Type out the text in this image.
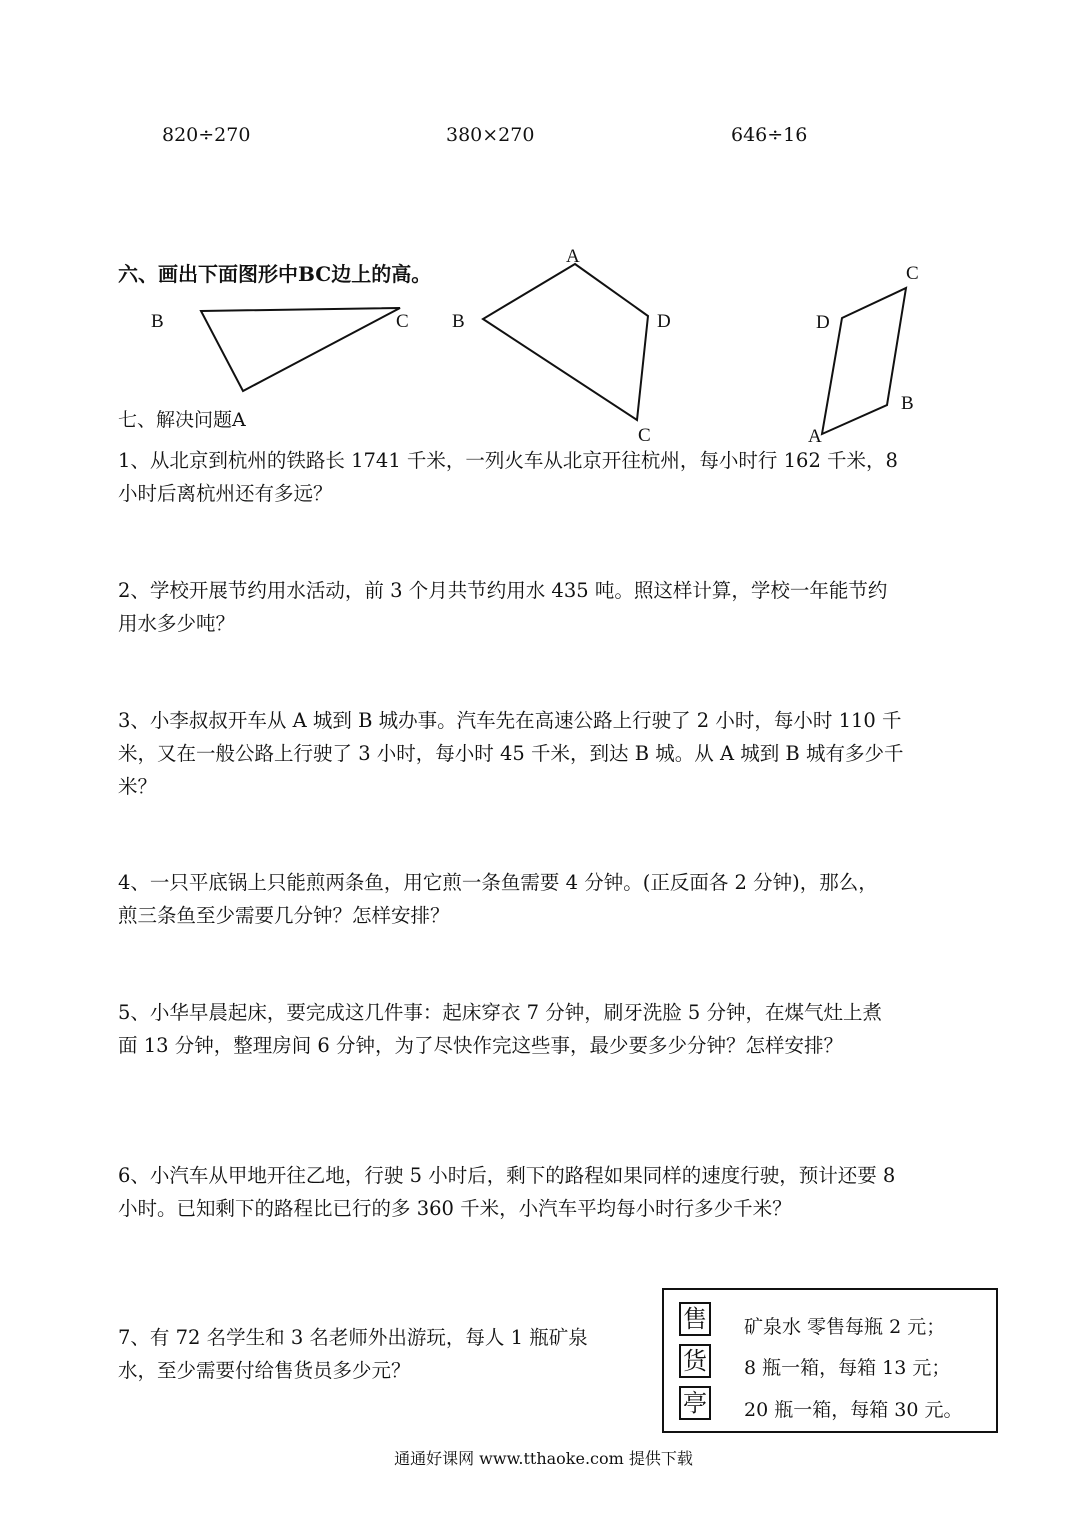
820÷270	380×270	646÷16
六、画出下面图形中BC边上的高。
B	C
A
B	D
C
C
D
B
A
七、解决问题A
1、从北京到杭州的铁路长 1741 千米，一列火车从北京开往杭州，每小时行 162 千米，8
小时后离杭州还有多远？
2、学校开展节约用水活动，前 3 个月共节约用水 435 吨。照这样计算，学校一年能节约
用水多少吨？
3、小李叔叔开车从 A 城到 B 城办事。汽车先在高速公路上行驶了 2 小时，每小时 110 千
米，又在一般公路上行驶了 3 小时，每小时 45 千米，到达 B 城。从 A 城到 B 城有多少千
米？
4、一只平底锅上只能煎两条鱼，用它煎一条鱼需要 4 分钟。(正反面各 2 分钟)，那么，
煎三条鱼至少需要几分钟？怎样安排？
5、小华早晨起床，要完成这几件事：起床穿衣 7 分钟，刷牙洗脸 5 分钟，在煤气灶上煮
面 13 分钟，整理房间 6 分钟，为了尽快作完这些事，最少要多少分钟？怎样安排？
6、小汽车从甲地开往乙地，行驶 5 小时后，剩下的路程如果同样的速度行驶，预计还要 8
小时。已知剩下的路程比已行的多 360 千米，小汽车平均每小时行多少千米？
7、有 72 名学生和 3 名老师外出游玩，每人 1 瓶矿泉
水，至少需要付给售货员多少元？
售
货
亭
矿泉水 零售每瓶 2 元；
8 瓶一箱，每箱 13 元；
20 瓶一箱，每箱 30 元。
通通好课网 www.tthaoke.com 提供下载
